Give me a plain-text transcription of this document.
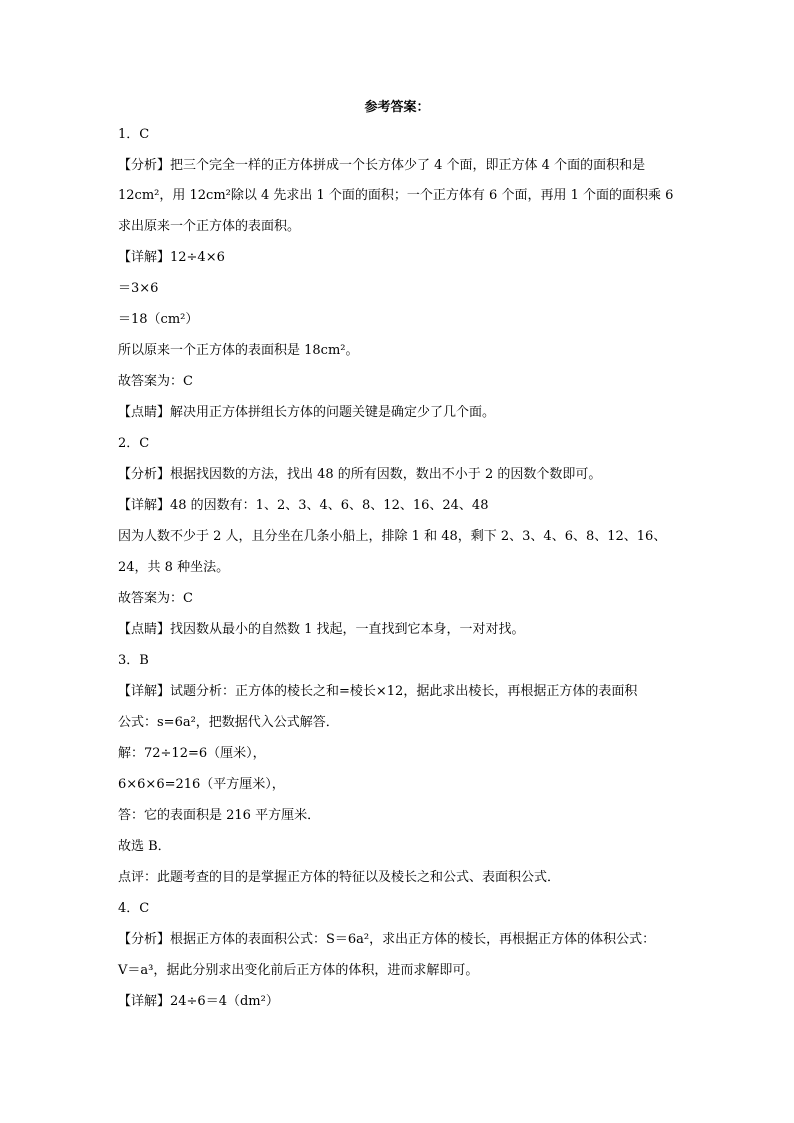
参考答案：
1．C
【分析】把三个完全一样的正方体拼成一个长方体少了 4 个面，即正方体 4 个面的面积和是
12cm²，用 12cm²除以 4 先求出 1 个面的面积；一个正方体有 6 个面，再用 1 个面的面积乘 6
求出原来一个正方体的表面积。
【详解】12÷4×6
＝3×6
＝18（cm²）
所以原来一个正方体的表面积是 18cm²。
故答案为：C
【点睛】解决用正方体拼组长方体的问题关键是确定少了几个面。
2．C
【分析】根据找因数的方法，找出 48 的所有因数，数出不小于 2 的因数个数即可。
【详解】48 的因数有：1、2、3、4、6、8、12、16、24、48
因为人数不少于 2 人，且分坐在几条小船上，排除 1 和 48，剩下 2、3、4、6、8、12、16、
24，共 8 种坐法。
故答案为：C
【点睛】找因数从最小的自然数 1 找起，一直找到它本身，一对对找。
3．B
【详解】试题分析：正方体的棱长之和=棱长×12，据此求出棱长，再根据正方体的表面积
公式：s=6a²，把数据代入公式解答．
解：72÷12=6（厘米），
6×6×6=216（平方厘米），
答：它的表面积是 216 平方厘米．
故选 B．
点评：此题考查的目的是掌握正方体的特征以及棱长之和公式、表面积公式．
4．C
【分析】根据正方体的表面积公式：S＝6a²，求出正方体的棱长，再根据正方体的体积公式：
V＝a³，据此分别求出变化前后正方体的体积，进而求解即可。
【详解】24÷6＝4（dm²）
